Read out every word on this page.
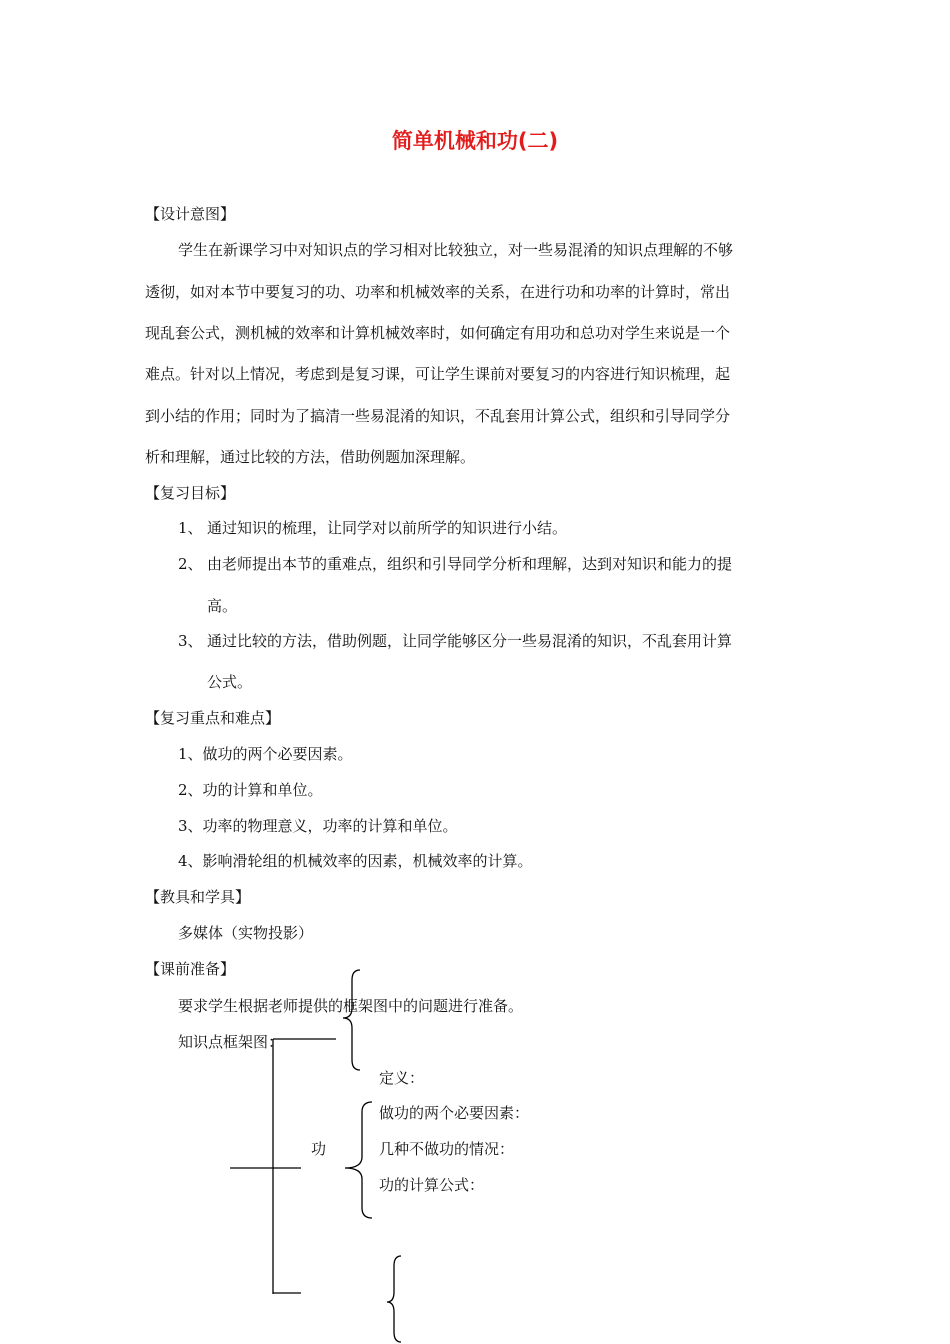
简单机械和功(二)
【设计意图】
学生在新课学习中对知识点的学习相对比较独立，对一些易混淆的知识点理解的不够
透彻，如对本节中要复习的功、功率和机械效率的关系，在进行功和功率的计算时，常出
现乱套公式，测机械的效率和计算机械效率时，如何确定有用功和总功对学生来说是一个
难点。针对以上情况，考虑到是复习课，可让学生课前对要复习的内容进行知识梳理，起
到小结的作用；同时为了搞清一些易混淆的知识，不乱套用计算公式，组织和引导同学分
析和理解，通过比较的方法，借助例题加深理解。
【复习目标】
1、 通过知识的梳理，让同学对以前所学的知识进行小结。
2、 由老师提出本节的重难点，组织和引导同学分析和理解，达到对知识和能力的提
高。
3、 通过比较的方法，借助例题，让同学能够区分一些易混淆的知识，不乱套用计算
公式。
【复习重点和难点】
1、做功的两个必要因素。
2、功的计算和单位。
3、功率的物理意义，功率的计算和单位。
4、影响滑轮组的机械效率的因素，机械效率的计算。
【教具和学具】
多媒体（实物投影）
【课前准备】
要求学生根据老师提供的框架图中的问题进行准备。
知识点框架图：
功
定义：
做功的两个必要因素：
几种不做功的情况：
功的计算公式：
